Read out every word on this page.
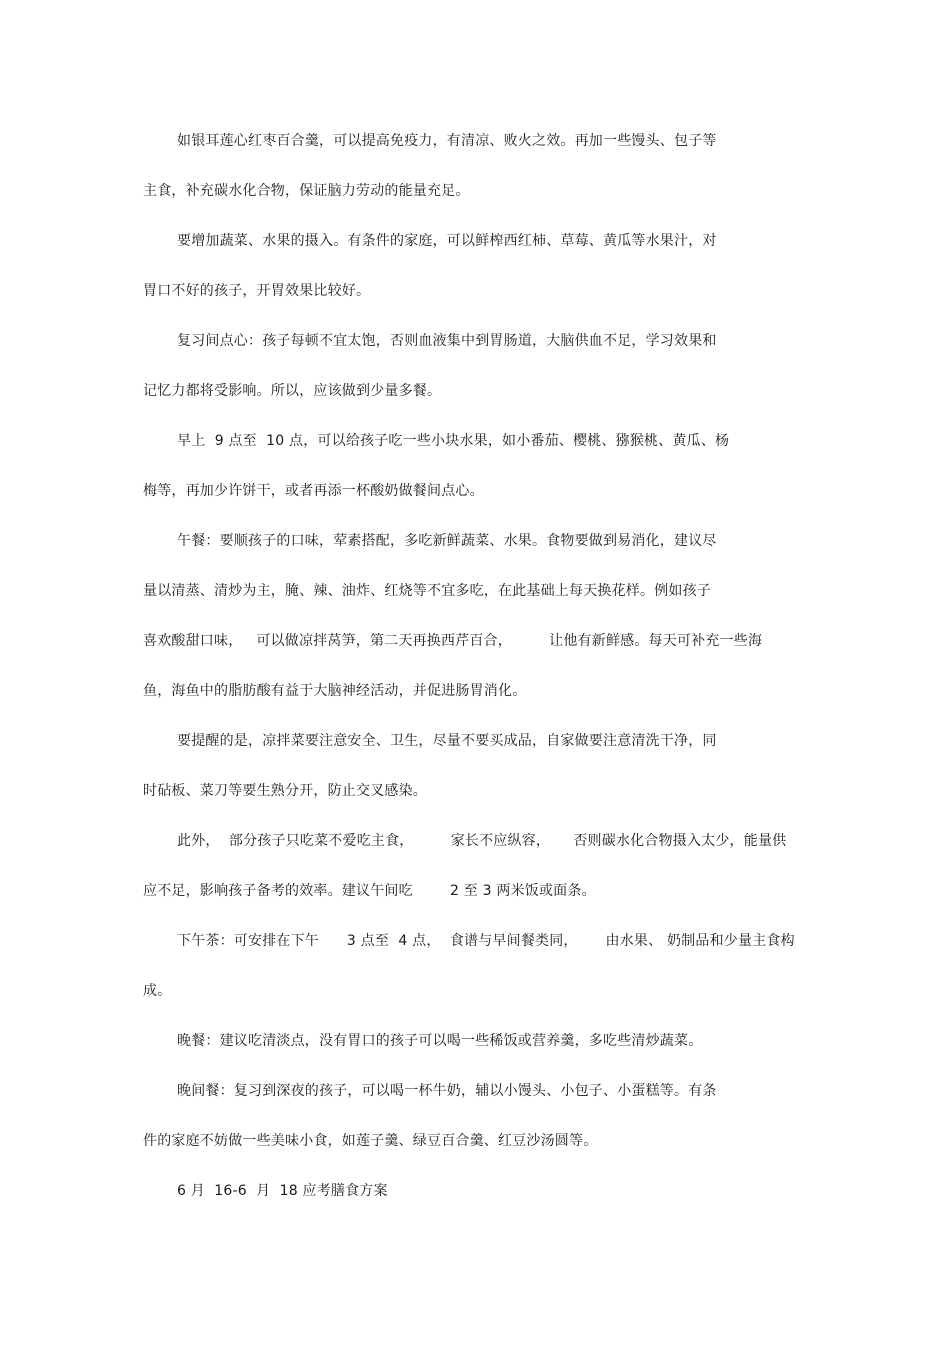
如银耳莲心红枣百合羹，可以提高免疫力，有清凉、败火之效。再加一些馒头、包子等
主食，补充碳水化合物，保证脑力劳动的能量充足。
要增加蔬菜、水果的摄入。有条件的家庭，可以鲜榨西红柿、草莓、黄瓜等水果汁，对
胃口不好的孩子，开胃效果比较好。
复习间点心：孩子每顿不宜太饱，否则血液集中到胃肠道，大脑供血不足，学习效果和
记忆力都将受影响。所以，应该做到少量多餐。
早上  9 点至  10 点，可以给孩子吃一些小块水果，如小番茄、樱桃、猕猴桃、黄瓜、杨
梅等，再加少许饼干，或者再添一杯酸奶做餐间点心。
午餐：要顺孩子的口味，荤素搭配，多吃新鲜蔬菜、水果。食物要做到易消化，建议尽
量以清蒸、清炒为主，腌、辣、油炸、红烧等不宜多吃，在此基础上每天换花样。例如孩子
喜欢酸甜口味，   可以做凉拌莴笋，第二天再换西芹百合，        让他有新鲜感。每天可补充一些海
鱼，海鱼中的脂肪酸有益于大脑神经活动，并促进肠胃消化。
要提醒的是，凉拌菜要注意安全、卫生，尽量不要买成品，自家做要注意清洗干净，同
时砧板、菜刀等要生熟分开，防止交叉感染。
此外，  部分孩子只吃菜不爱吃主食，        家长不应纵容，     否则碳水化合物摄入太少，能量供
应不足，影响孩子备考的效率。建议午间吃        2 至 3 两米饭或面条。
下午茶：可安排在下午      3 点至  4 点，  食谱与早间餐类同，      由水果、 奶制品和少量主食构
成。
晚餐：建议吃清淡点，没有胃口的孩子可以喝一些稀饭或营养羹，多吃些清炒蔬菜。
晚间餐：复习到深夜的孩子，可以喝一杯牛奶，辅以小馒头、小包子、小蛋糕等。有条
件的家庭不妨做一些美味小食，如莲子羹、绿豆百合羹、红豆沙汤圆等。
6 月  16-6  月  18 应考膳食方案
